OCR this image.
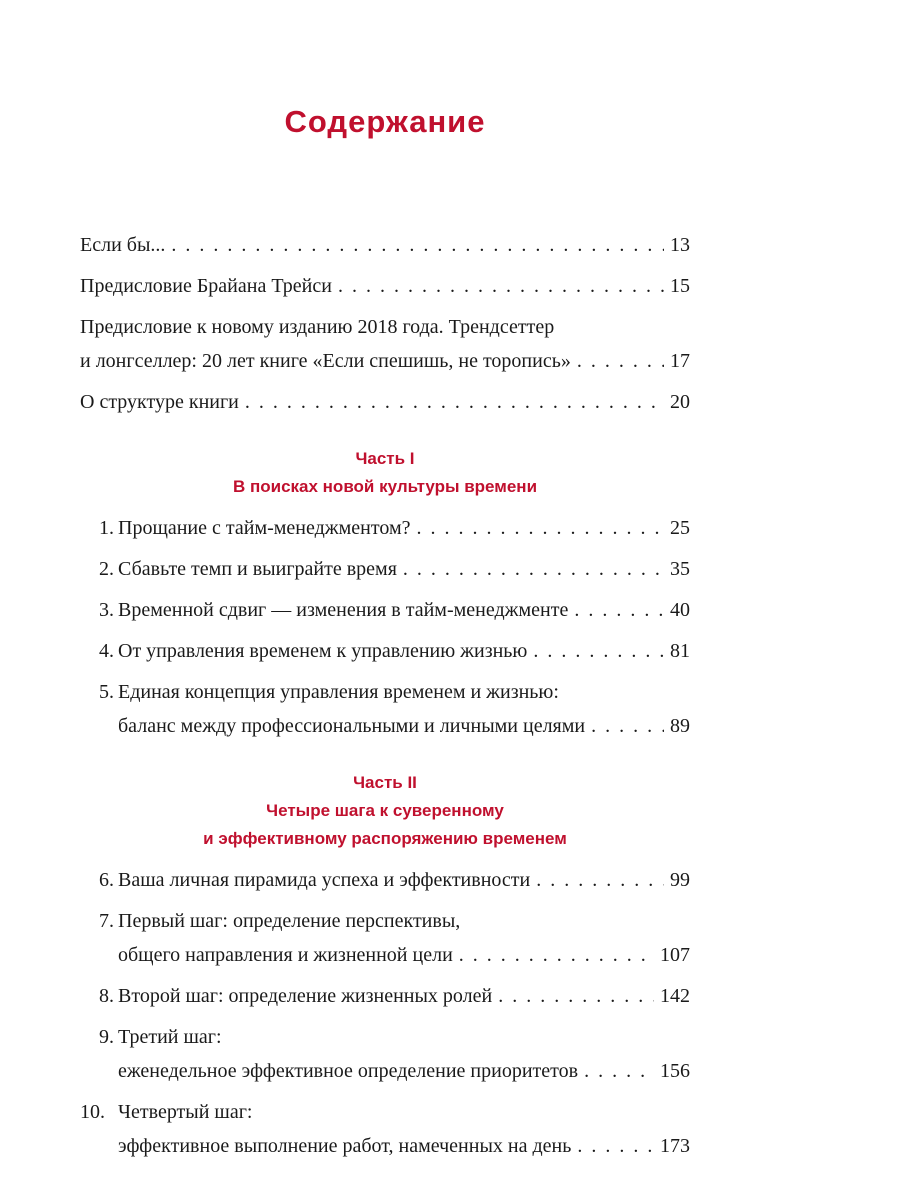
Содержание
Если бы... . . .	13
Предисловие Брайана Трейси . . .	15
Предисловие к новому изданию 2018 года. Трендсеттер
и лонгселлер: 20 лет книге «Если спешишь, не торопись» . . .	17
О структуре книги . . .	20
Часть I
В поисках новой культуры времени
1. Прощание с тайм-менеджментом? . . .	25
2. Сбавьте темп и выиграйте время . . .	35
3. Временной сдвиг — изменения в тайм-менеджменте . . .	40
4. От управления временем к управлению жизнью . . .	81
5. Единая концепция управления временем и жизнью:
баланс между профессиональными и личными целями . . .	89
Часть II
Четыре шага к суверенному
и эффективному распоряжению временем
6. Ваша личная пирамида успеха и эффективности . . .	99
7. Первый шаг: определение перспективы,
общего направления и жизненной цели . . .	107
8. Второй шаг: определение жизненных ролей . . .	142
9. Третий шаг:
еженедельное эффективное определение приоритетов . . .	156
10. Четвертый шаг:
эффективное выполнение работ, намеченных на день . . .	173
